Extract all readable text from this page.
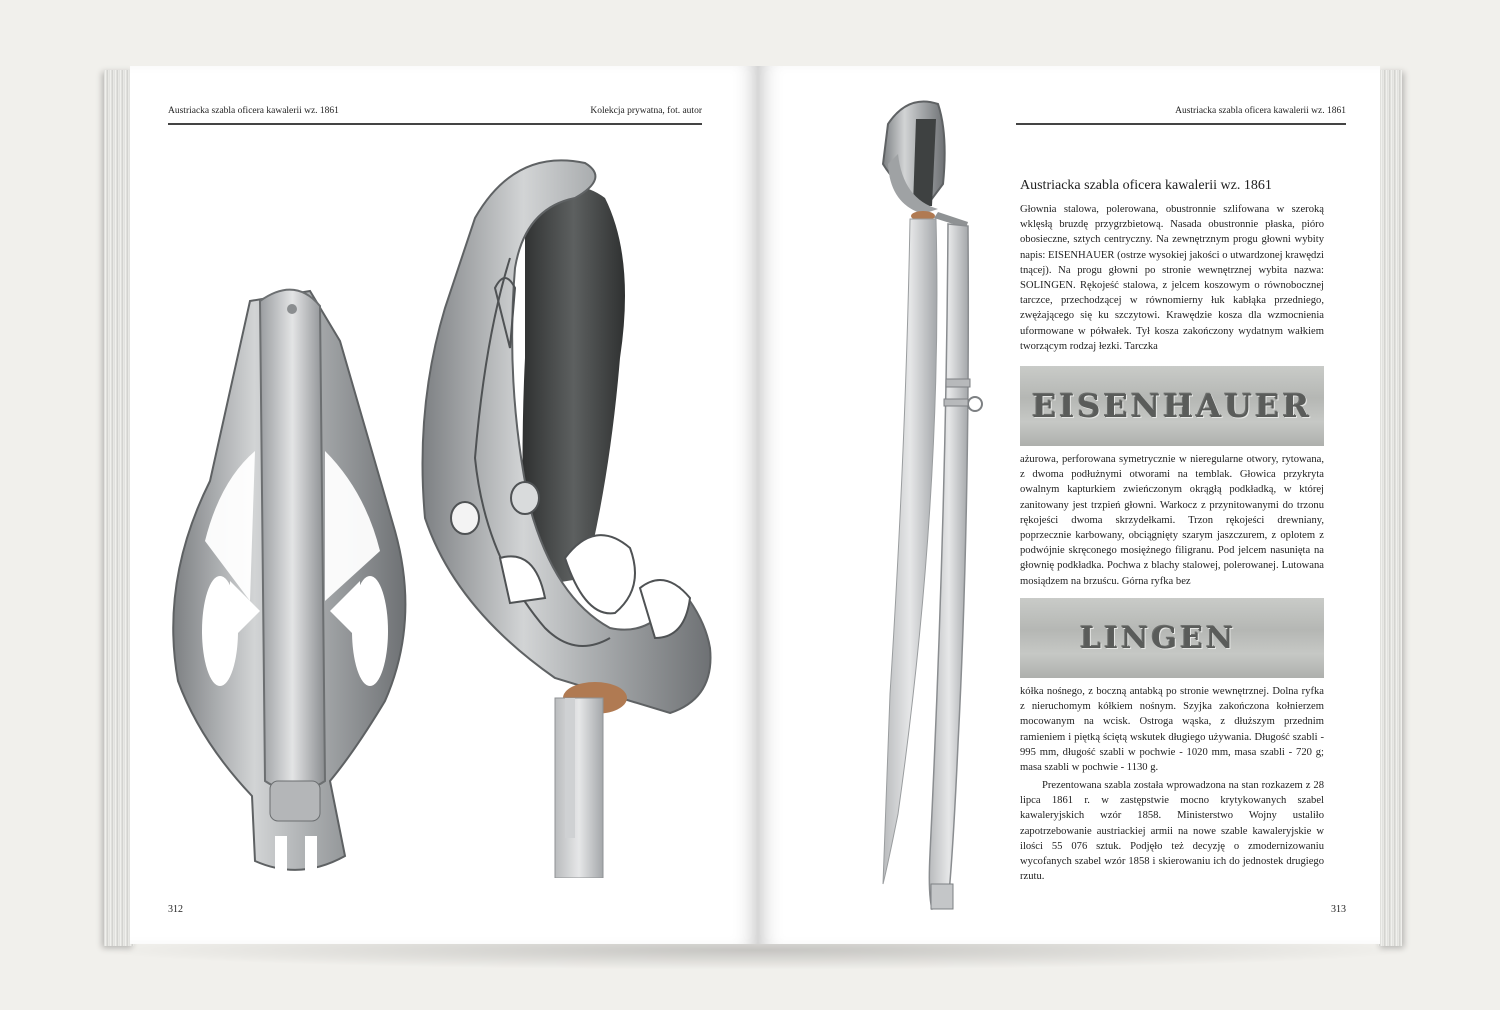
Austriacka szabla oficera kawalerii wz. 1861	Kolekcja prywatna, fot. autor
312
Austriacka szabla oficera kawalerii wz. 1861
Austriacka szabla oficera kawalerii wz. 1861
Głownia stalowa, polerowana, obustronnie szlifowana w szeroką wklęsłą bruzdę przygrzbietową. Nasada obustronnie płaska, pióro obosieczne, sztych centryczny. Na zewnętrznym progu głowni wybity napis: EISENHAUER (ostrze wysokiej jakości o utwardzonej krawędzi tnącej). Na progu głowni po stronie wewnętrznej wybita nazwa: SOLINGEN. Rękojeść stalowa, z jelcem koszowym o równobocznej tarczce, przechodzącej w równomierny łuk kabłąka przedniego, zwężającego się ku szczytowi. Krawędzie kosza dla wzmocnienia uformowane w półwałek. Tył kosza zakończony wydatnym wałkiem tworzącym rodzaj łezki. Tarczka
EISENHAUER
ażurowa, perforowana symetrycznie w nieregularne otwory, rytowana, z dwoma podłużnymi otworami na temblak. Głowica przykryta owalnym kapturkiem zwieńczonym okrągłą podkładką, w której zanitowany jest trzpień głowni. Warkocz z przynitowanymi do trzonu rękojeści dwoma skrzydełkami. Trzon rękojeści drewniany, poprzecznie karbowany, obciągnięty szarym jaszczurem, z oplotem z podwójnie skręconego mosiężnego filigranu. Pod jelcem nasunięta na głownię podkładka. Pochwa z blachy stalowej, polerowanej. Lutowana mosiądzem na brzuścu. Górna ryfka bez
LINGEN
kółka nośnego, z boczną antabką po stronie wewnętrznej. Dolna ryfka z nieruchomym kółkiem nośnym. Szyjka zakończona kołnierzem mocowanym na wcisk. Ostroga wąska, z dłuższym przednim ramieniem i piętką ściętą wskutek długiego używania. Długość szabli - 995 mm, długość szabli w pochwie - 1020 mm, masa szabli - 720 g; masa szabli w pochwie - 1130 g.
Prezentowana szabla została wprowadzona na stan rozkazem z 28 lipca 1861 r. w zastępstwie mocno krytykowanych szabel kawaleryjskich wzór 1858. Ministerstwo Wojny ustaliło zapotrzebowanie austriackiej armii na nowe szable kawaleryjskie w ilości 55 076 sztuk. Podjęło też decyzję o zmodernizowaniu wycofanych szabel wzór 1858 i skierowaniu ich do jednostek drugiego rzutu.
313
